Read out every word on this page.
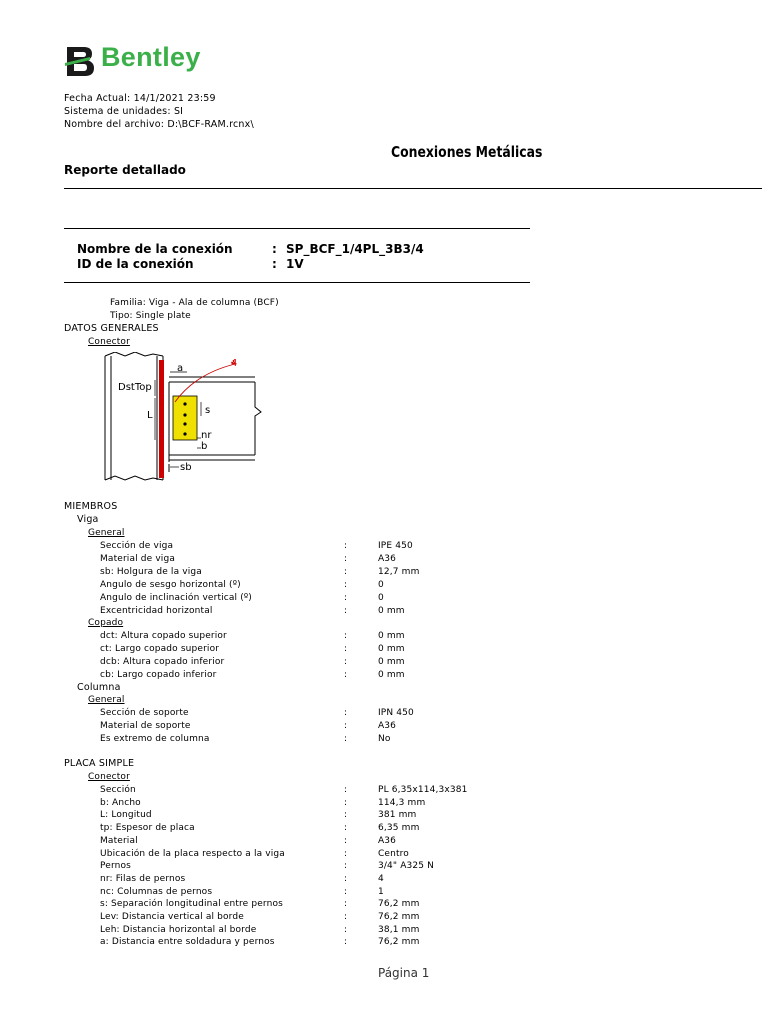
Bentley
Fecha Actual: 14/1/2021 23:59
Sistema de unidades: SI
Nombre del archivo: D:\BCF-RAM.rcnx\
Conexiones Metálicas
Reporte detallado
Nombre de la conexión	: SP_BCF_1/4PL_3B3/4
ID de la conexión	: 1V
Familia: Viga - Ala de columna (BCF)
Tipo: Single plate
DATOS GENERALES
Conector
a
DstTop
L	s
nr
b
sb
4
MIEMBROS
Viga
General
Sección de viga	:	IPE 450
Material de viga	:	A36
sb: Holgura de la viga	:	12,7 mm
Angulo de sesgo horizontal (º)	:	0
Angulo de inclinación vertical (º)	:	0
Excentricidad horizontal	:	0 mm
Copado
dct: Altura copado superior	:	0 mm
ct: Largo copado superior	:	0 mm
dcb: Altura copado inferior	:	0 mm
cb: Largo copado inferior	:	0 mm
Columna
General
Sección de soporte	:	IPN 450
Material de soporte	:	A36
Es extremo de columna	:	No
PLACA SIMPLE
Conector
Sección	:	PL 6,35x114,3x381
b: Ancho	:	114,3 mm
L: Longitud	:	381 mm
tp: Espesor de placa	:	6,35 mm
Material	:	A36
Ubicación de la placa respecto a la viga	:	Centro
Pernos	:	3/4" A325 N
nr: Filas de pernos	:	4
nc: Columnas de pernos	:	1
s: Separación longitudinal entre pernos	:	76,2 mm
Lev: Distancia vertical al borde	:	76,2 mm
Leh: Distancia horizontal al borde	:	38,1 mm
a: Distancia entre soldadura y pernos	:	76,2 mm
Página 1
